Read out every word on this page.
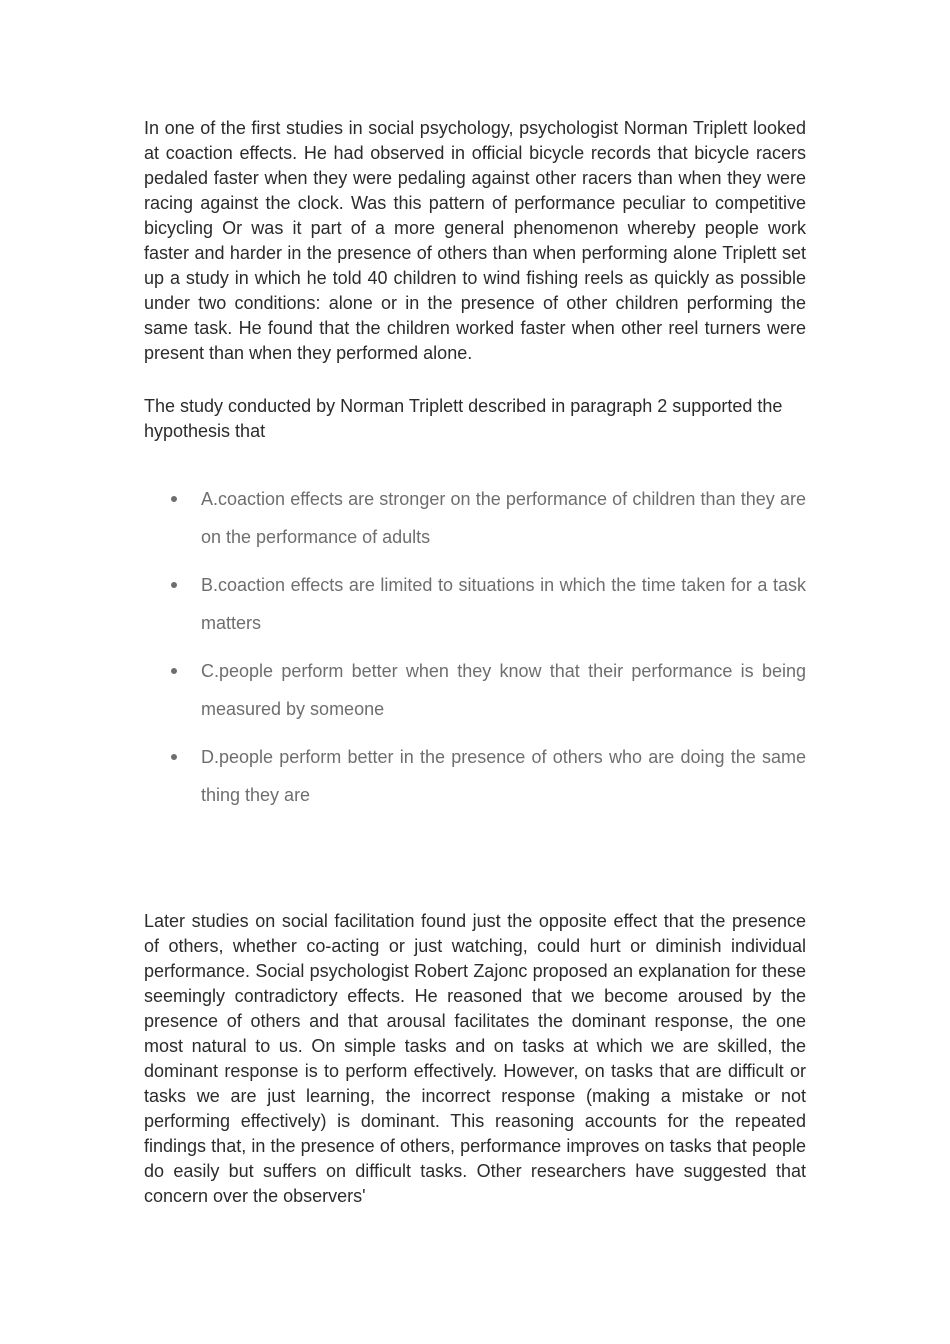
In one of the first studies in social psychology, psychologist Norman Triplett looked at coaction effects. He had observed in official bicycle records that bicycle racers pedaled faster when they were pedaling against other racers than when they were racing against the clock. Was this pattern of performance peculiar to competitive bicycling Or was it part of a more general phenomenon whereby people work faster and harder in the presence of others than when performing alone Triplett set up a study in which he told 40 children to wind fishing reels as quickly as possible under two conditions: alone or in the presence of other children performing the same task. He found that the children worked faster when other reel turners were present than when they performed alone.

The study conducted by Norman Triplett described in paragraph 2 supported the hypothesis that

A.coaction effects are stronger on the performance of children than they are on the performance of adults
B.coaction effects are limited to situations in which the time taken for a task matters
C.people perform better when they know that their performance is being measured by someone
D.people perform better in the presence of others who are doing the same thing they are

Later studies on social facilitation found just the opposite effect that the presence of others, whether co-acting or just watching, could hurt or diminish individual performance. Social psychologist Robert Zajonc proposed an explanation for these seemingly contradictory effects. He reasoned that we become aroused by the presence of others and that arousal facilitates the dominant response, the one most natural to us. On simple tasks and on tasks at which we are skilled, the dominant response is to perform effectively. However, on tasks that are difficult or tasks we are just learning, the incorrect response (making a mistake or not performing effectively) is dominant. This reasoning accounts for the repeated findings that, in the presence of others, performance improves on tasks that people do easily but suffers on difficult tasks. Other researchers have suggested that concern over the observers'
